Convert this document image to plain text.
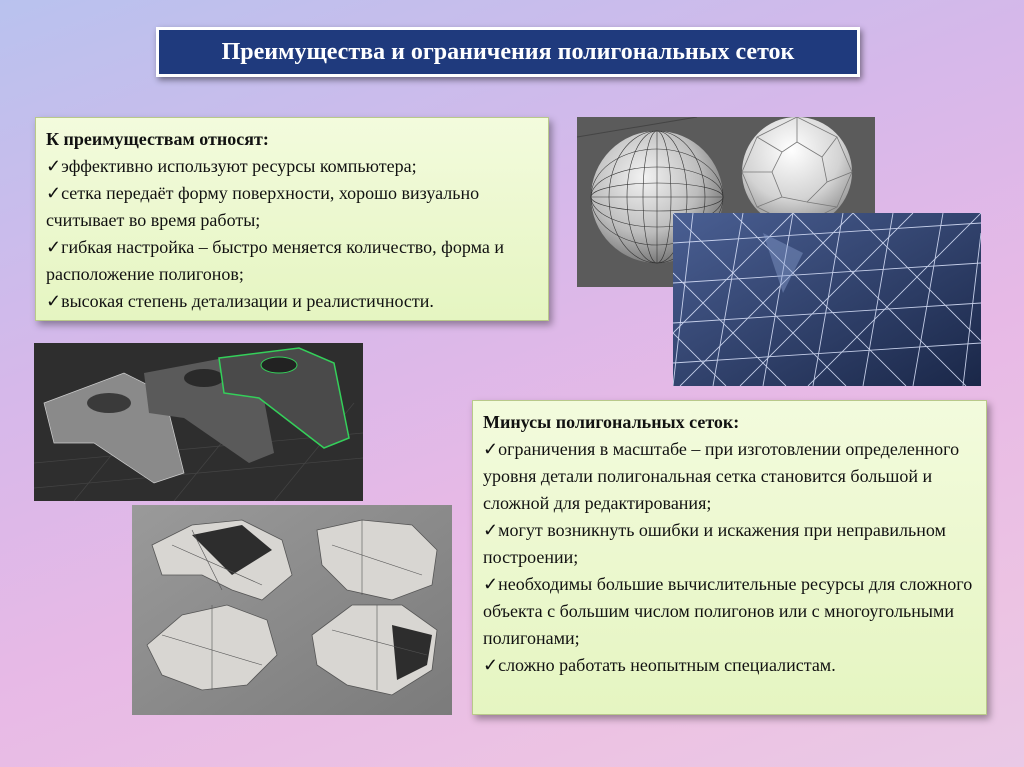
Преимущества и ограничения полигональных сеток
К преимуществам относят:
✓эффективно используют ресурсы компьютера;
✓сетка передаёт форму поверхности, хорошо визуально считывает во время работы;
✓гибкая настройка – быстро меняется количество, форма и расположение полигонов;
✓высокая степень детализации и реалистичности.
Минусы полигональных сеток:
✓ограничения в масштабе – при изготовлении определенного уровня детали полигональная сетка становится большой и сложной для редактирования;
✓могут возникнуть ошибки и искажения при неправильном построении;
✓необходимы большие вычислительные ресурсы для сложного объекта с большим числом полигонов или с многоугольными полигонами;
✓сложно работать неопытным специалистам.
